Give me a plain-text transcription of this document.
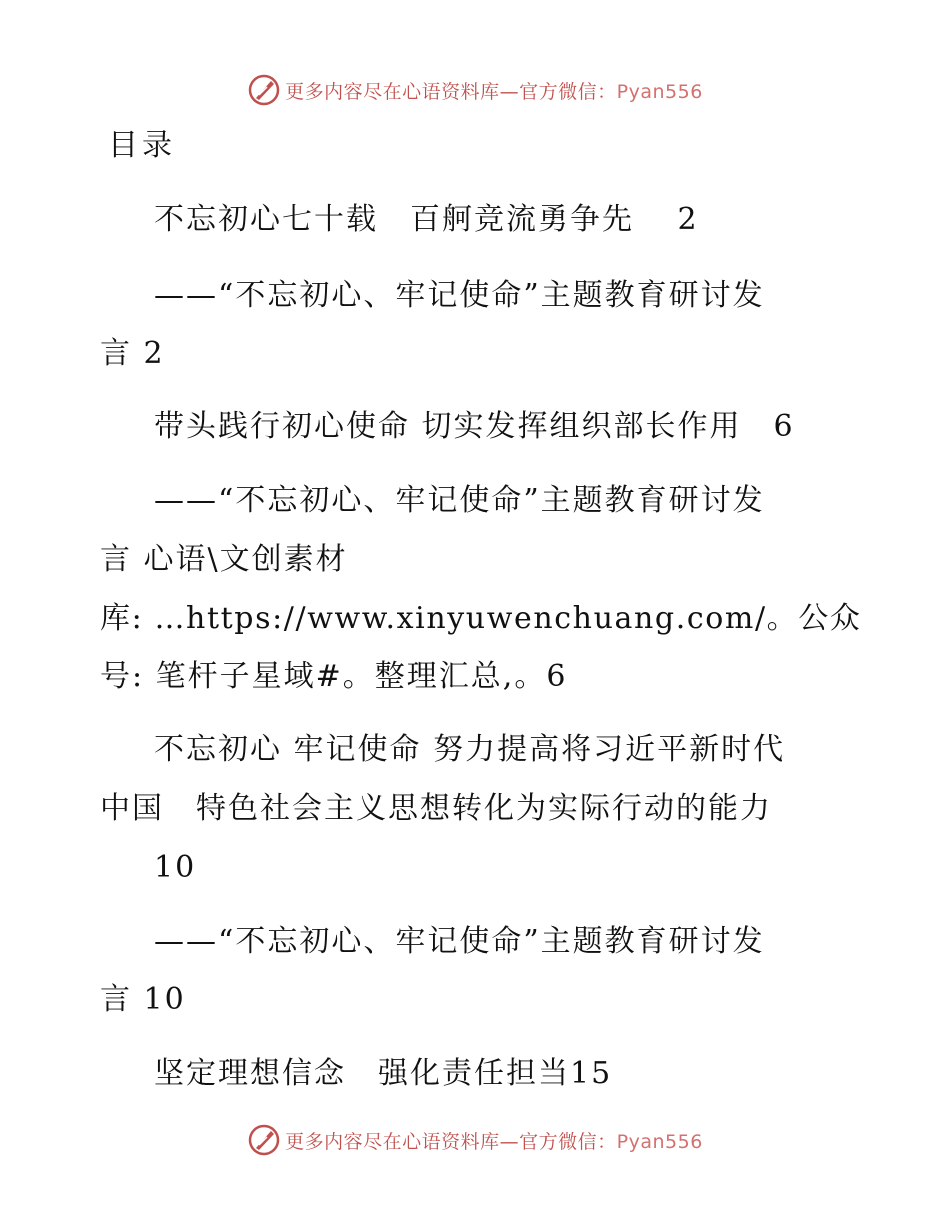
更多内容尽在心语资料库—官方微信：Pyan556
目录
不忘初心七十载　百舸竞流勇争先　 2
——“不忘初心、牢记使命”主题教育研讨发
言 2
带头践行初心使命 切实发挥组织部长作用　6
——“不忘初心、牢记使命”主题教育研讨发
言 心语\文创素材
库: …https://www.xinyuwenchuang.com/。公众
号: 笔杆子星域#。整理汇总,。6
不忘初心 牢记使命 努力提高将习近平新时代
中国　特色社会主义思想转化为实际行动的能力
10
——“不忘初心、牢记使命”主题教育研讨发
言 10
坚定理想信念　强化责任担当15
更多内容尽在心语资料库—官方微信：Pyan556
